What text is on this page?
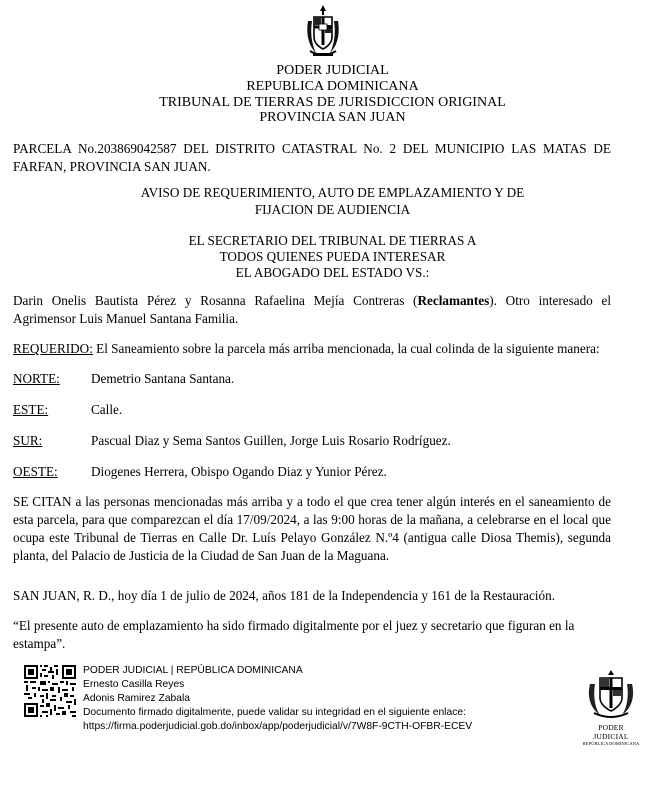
PODER JUDICIAL
REPUBLICA DOMINICANA
TRIBUNAL DE TIERRAS DE JURISDICCION ORIGINAL
PROVINCIA SAN JUAN
PARCELA No.203869042587 DEL DISTRITO CATASTRAL No. 2 DEL MUNICIPIO LAS MATAS DE FARFAN, PROVINCIA SAN JUAN.
AVISO DE REQUERIMIENTO, AUTO DE EMPLAZAMIENTO Y DE
FIJACION DE AUDIENCIA
EL SECRETARIO DEL TRIBUNAL DE TIERRAS A
TODOS QUIENES PUEDA INTERESAR
EL ABOGADO DEL ESTADO VS.:
Darin Onelis Bautista Pérez y Rosanna Rafaelina Mejía Contreras (Reclamantes). Otro interesado el Agrimensor Luis Manuel Santana Familia.
REQUERIDO: El Saneamiento sobre la parcela más arriba mencionada, la cual colinda de la siguiente manera:
NORTE: Demetrio Santana Santana.
ESTE:	Calle.
SUR:	Pascual Diaz y Sema Santos Guillen, Jorge Luis Rosario Rodríguez.
OESTE:	Diogenes Herrera, Obispo Ogando Diaz y Yunior Pérez.
SE CITAN a las personas mencionadas más arriba y a todo el que crea tener algún interés en el saneamiento de esta parcela, para que comparezcan el día 17/09/2024, a las 9:00 horas de la mañana, a celebrarse en el local que ocupa este Tribunal de Tierras en Calle Dr. Luís Pelayo González N.º4 (antigua calle Diosa Themis), segunda planta, del Palacio de Justicia de la Ciudad de San Juan de la Maguana.
SAN JUAN, R. D., hoy día 1 de julio de 2024, años 181 de la Independencia y 161 de la Restauración.
“El presente auto de emplazamiento ha sido firmado digitalmente por el juez y secretario que figuran en la estampa”.
PODER JUDICIAL | REPÚBLICA DOMINICANA
Ernesto Casilla Reyes
Adonis Ramirez Zabala
Documento firmado digitalmente, puede validar su integridad en el siguiente enlace:
https://firma.poderjudicial.gob.do/inbox/app/poderjudicial/v/7W8F-9CTH-OFBR-ECEV	PODER JUDICIAL
REPÚBLICA DOMINICANA
